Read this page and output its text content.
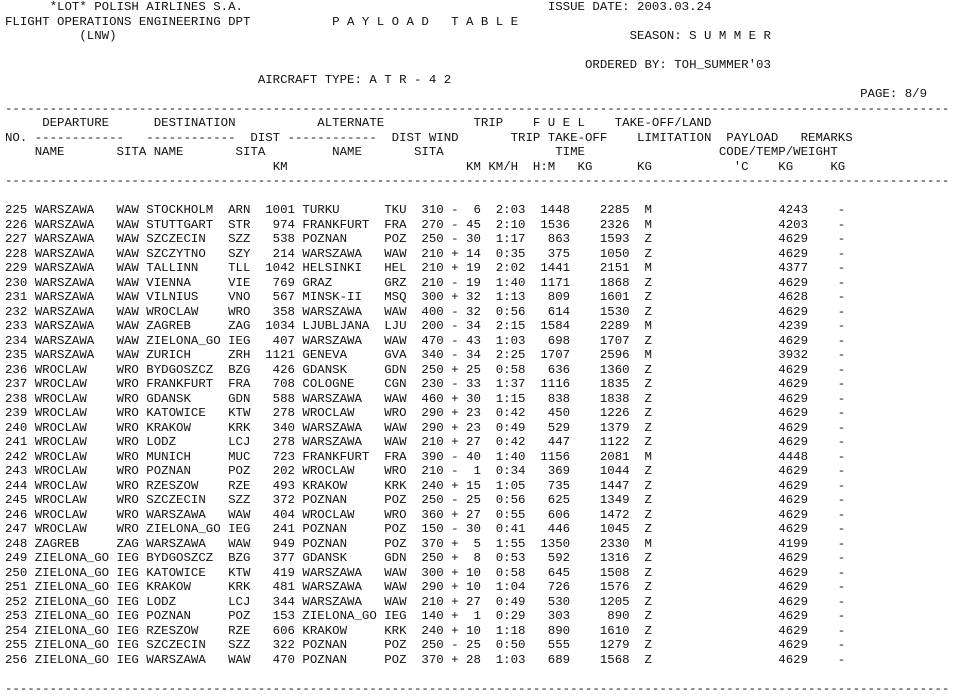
*LOT* POLISH AIRLINES S.A.	ISSUE DATE: 2003.03.24
FLIGHT OPERATIONS ENGINEERING DPT	P A Y L O A D   T A B L E
(LNW)	SEASON: S U M M E R

ORDERED BY: TOH_SUMMER'03
AIRCRAFT TYPE: A T R - 4 2
PAGE: 8/9
-------------------------------------------------------------------------------------------------------------------------------
DEPARTURE      DESTINATION           ALTERNATE            TRIP    F U E L    TAKE-OFF/LAND
NO. ------------   ------------  DIST ------------  DIST WIND       TRIP TAKE-OFF    LIMITATION  PAYLOAD   REMARKS
NAME       SITA NAME       SITA         NAME       SITA               TIME                  CODE/TEMP/WEIGHT
KM                        KM KM/H  H:M   KG      KG           'C    KG     KG
-------------------------------------------------------------------------------------------------------------------------------

225 WARSZAWA   WAW STOCKHOLM  ARN  1001 TURKU      TKU  310 -  6  2:03  1448    2285  M                 4243    -
226 WARSZAWA   WAW STUTTGART  STR   974 FRANKFURT  FRA  270 - 45  2:10  1536    2326  M                 4203    -
227 WARSZAWA   WAW SZCZECIN   SZZ   538 POZNAN     POZ  250 - 30  1:17   863    1593  Z                 4629    -
228 WARSZAWA   WAW SZCZYTNO   SZY   214 WARSZAWA   WAW  210 + 14  0:35   375    1050  Z                 4629    -
229 WARSZAWA   WAW TALLINN    TLL  1042 HELSINKI   HEL  210 + 19  2:02  1441    2151  M                 4377    -
230 WARSZAWA   WAW VIENNA     VIE   769 GRAZ       GRZ  210 - 19  1:40  1171    1868  Z                 4629    -
231 WARSZAWA   WAW VILNIUS    VNO   567 MINSK-II   MSQ  300 + 32  1:13   809    1601  Z                 4628    -
232 WARSZAWA   WAW WROCLAW    WRO   358 WARSZAWA   WAW  400 - 32  0:56   614    1530  Z                 4629    -
233 WARSZAWA   WAW ZAGREB     ZAG  1034 LJUBLJANA  LJU  200 - 34  2:15  1584    2289  M                 4239    -
234 WARSZAWA   WAW ZIELONA_GO IEG   407 WARSZAWA   WAW  470 - 43  1:03   698    1707  Z                 4629    -
235 WARSZAWA   WAW ZURICH     ZRH  1121 GENEVA     GVA  340 - 34  2:25  1707    2596  M                 3932    -
236 WROCLAW    WRO BYDGOSZCZ  BZG   426 GDANSK     GDN  250 + 25  0:58   636    1360  Z                 4629    -
237 WROCLAW    WRO FRANKFURT  FRA   708 COLOGNE    CGN  230 - 33  1:37  1116    1835  Z                 4629    -
238 WROCLAW    WRO GDANSK     GDN   588 WARSZAWA   WAW  460 + 30  1:15   838    1838  Z                 4629    -
239 WROCLAW    WRO KATOWICE   KTW   278 WROCLAW    WRO  290 + 23  0:42   450    1226  Z                 4629    -
240 WROCLAW    WRO KRAKOW     KRK   340 WARSZAWA   WAW  290 + 23  0:49   529    1379  Z                 4629    -
241 WROCLAW    WRO LODZ       LCJ   278 WARSZAWA   WAW  210 + 27  0:42   447    1122  Z                 4629    -
242 WROCLAW    WRO MUNICH     MUC   723 FRANKFURT  FRA  390 - 40  1:40  1156    2081  M                 4448    -
243 WROCLAW    WRO POZNAN     POZ   202 WROCLAW    WRO  210 -  1  0:34   369    1044  Z                 4629    -
244 WROCLAW    WRO RZESZOW    RZE   493 KRAKOW     KRK  240 + 15  1:05   735    1447  Z                 4629    -
245 WROCLAW    WRO SZCZECIN   SZZ   372 POZNAN     POZ  250 - 25  0:56   625    1349  Z                 4629    -
246 WROCLAW    WRO WARSZAWA   WAW   404 WROCLAW    WRO  360 + 27  0:55   606    1472  Z                 4629    -
247 WROCLAW    WRO ZIELONA_GO IEG   241 POZNAN     POZ  150 - 30  0:41   446    1045  Z                 4629    -
248 ZAGREB     ZAG WARSZAWA   WAW   949 POZNAN     POZ  370 +  5  1:55  1350    2330  M                 4199    -
249 ZIELONA_GO IEG BYDGOSZCZ  BZG   377 GDANSK     GDN  250 +  8  0:53   592    1316  Z                 4629    -
250 ZIELONA_GO IEG KATOWICE   KTW   419 WARSZAWA   WAW  300 + 10  0:58   645    1508  Z                 4629    -
251 ZIELONA_GO IEG KRAKOW     KRK   481 WARSZAWA   WAW  290 + 10  1:04   726    1576  Z                 4629    -
252 ZIELONA_GO IEG LODZ       LCJ   344 WARSZAWA   WAW  210 + 27  0:49   530    1205  Z                 4629    -
253 ZIELONA_GO IEG POZNAN     POZ   153 ZIELONA_GO IEG  140 +  1  0:29   303     890  Z                 4629    -
254 ZIELONA_GO IEG RZESZOW    RZE   606 KRAKOW     KRK  240 + 10  1:18   890    1610  Z                 4629    -
255 ZIELONA_GO IEG SZCZECIN   SZZ   322 POZNAN     POZ  250 - 25  0:50   555    1279  Z                 4629    -
256 ZIELONA_GO IEG WARSZAWA   WAW   470 POZNAN     POZ  370 + 28  1:03   689    1568  Z                 4629    -

-------------------------------------------------------------------------------------------------------------------------------
